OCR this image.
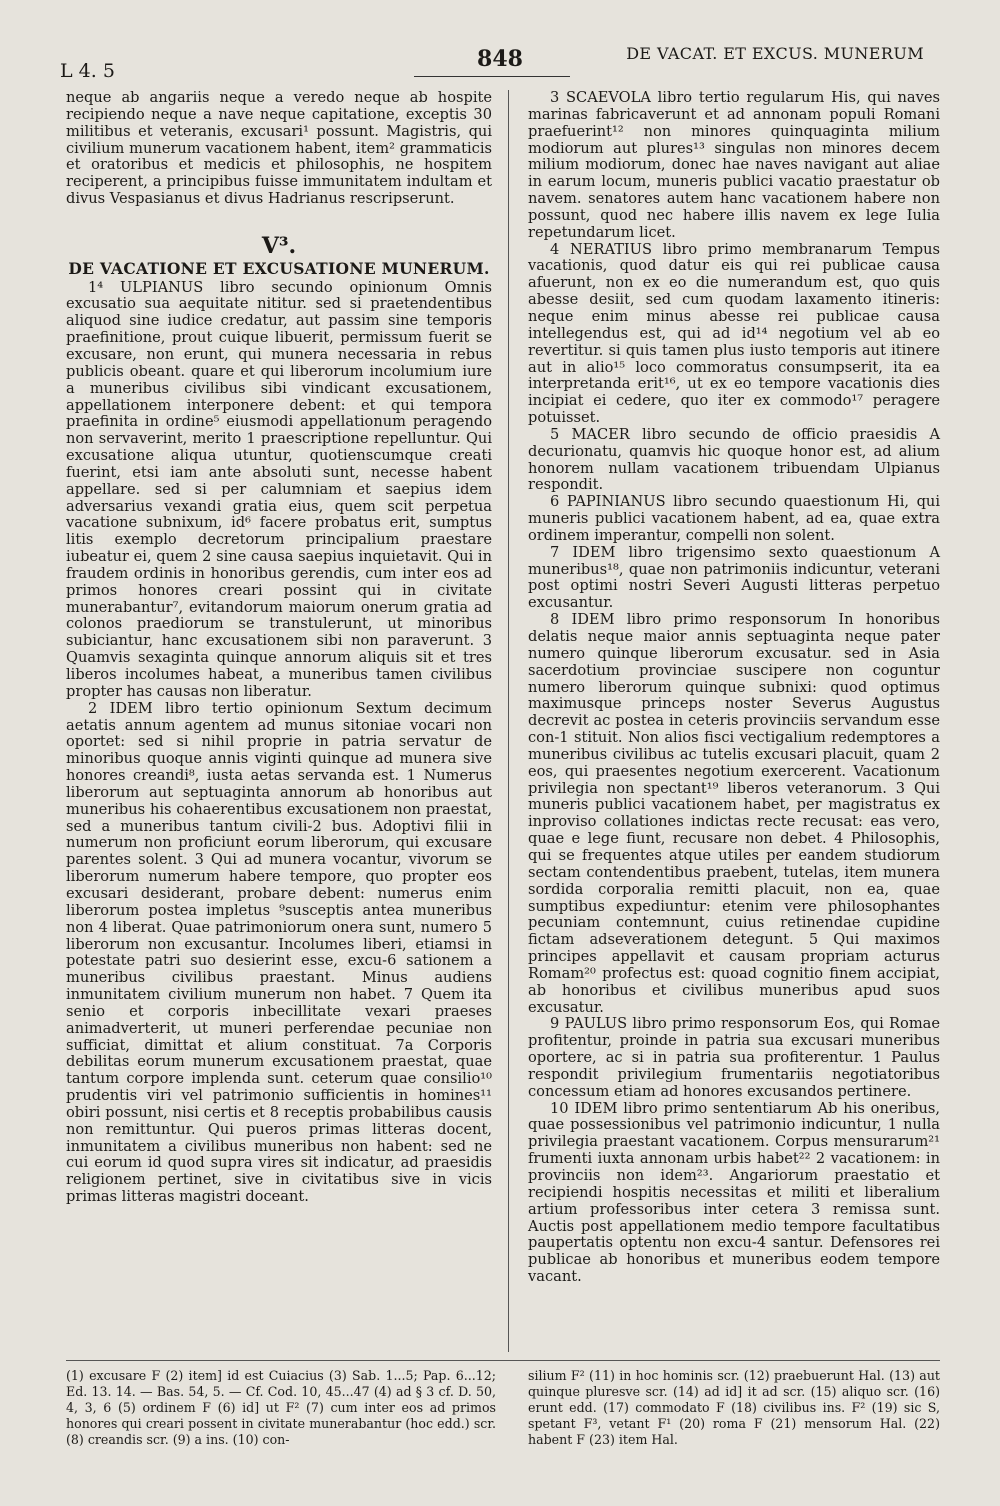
L 4. 5	848	DE VACAT. ET EXCUS. MUNERUM

neque ab angariis neque a veredo neque ab hospite recipiendo neque a nave neque capitatione, exceptis 30 militibus et veteranis, excusari¹ possunt. Magistris, qui civilium munerum vacationem habent, item² grammaticis et oratoribus et medicis et philosophis, ne hospitem reciperent, a principibus fuisse immunitatem indultam et divus Vespasianus et divus Hadrianus rescripserunt.

V³.
DE VACATIONE ET EXCUSATIONE MUNERUM.

1⁴ ULPIANUS libro secundo opinionum Omnis excusatio sua aequitate nititur. sed si praetendentibus aliquod sine iudice credatur, aut passim sine temporis praefinitione, prout cuique libuerit, permissum fuerit se excusare, non erunt, qui munera necessaria in rebus publicis obeant. quare et qui liberorum incolumium iure a muneribus civilibus sibi vindicant excusationem, appellationem interponere debent: et qui tempora praefinita in ordine⁵ eiusmodi appellationum peragendo non servaverint, merito 1 praescriptione repelluntur. Qui excusatione aliqua utuntur, quotienscumque creati fuerint, etsi iam ante absoluti sunt, necesse habent appellare. sed si per calumniam et saepius idem adversarius vexandi gratia eius, quem scit perpetua vacatione subnixum, id⁶ facere probatus erit, sumptus litis exemplo decretorum principalium praestare iubeatur ei, quem 2 sine causa saepius inquietavit. Qui in fraudem ordinis in honoribus gerendis, cum inter eos ad primos honores creari possint qui in civitate munerabantur⁷, evitandorum maiorum onerum gratia ad colonos praediorum se transtulerunt, ut minoribus subiciantur, hanc excusationem sibi non paraverunt. 3 Quamvis sexaginta quinque annorum aliquis sit et tres liberos incolumes habeat, a muneribus tamen civilibus propter has causas non liberatur.

2 IDEM libro tertio opinionum Sextum decimum aetatis annum agentem ad munus sitoniae vocari non oportet: sed si nihil proprie in patria servatur de minoribus quoque annis viginti quinque ad munera sive honores creandi⁸, iusta aetas servanda est. 1 Numerus liberorum aut septuaginta annorum ab honoribus aut muneribus his cohaerentibus excusationem non praestat, sed a muneribus tantum civili-2 bus. Adoptivi filii in numerum non proficiunt eorum liberorum, qui excusare parentes solent. 3 Qui ad munera vocantur, vivorum se liberorum numerum habere tempore, quo propter eos excusari desiderant, probare debent: numerus enim liberorum postea impletus ⁹susceptis antea muneribus non 4 liberat. Quae patrimoniorum onera sunt, numero 5 liberorum non excusantur. Incolumes liberi, etiamsi in potestate patri suo desierint esse, excu-6 sationem a muneribus civilibus praestant. Minus audiens inmunitatem civilium munerum non habet. 7 Quem ita senio et corporis inbecillitate vexari praeses animadverterit, ut muneri perferendae pecuniae non sufficiat, dimittat et alium constituat. 7a Corporis debilitas eorum munerum excusationem praestat, quae tantum corpore implenda sunt. ceterum quae consilio¹⁰ prudentis viri vel patrimonio sufficientis in homines¹¹ obiri possunt, nisi certis et 8 receptis probabilibus causis non remittuntur. Qui pueros primas litteras docent, inmunitatem a civilibus muneribus non habent: sed ne cui eorum id quod supra vires sit indicatur, ad praesidis religionem pertinet, sive in civitatibus sive in vicis primas litteras magistri doceant.

3 SCAEVOLA libro tertio regularum His, qui naves marinas fabricaverunt et ad annonam populi Romani praefuerint¹² non minores quinquaginta milium modiorum aut plures¹³ singulas non minores decem milium modiorum, donec hae naves navigant aut aliae in earum locum, muneris publici vacatio praestatur ob navem. senatores autem hanc vacationem habere non possunt, quod nec habere illis navem ex lege Iulia repetundarum licet.

4 NERATIUS libro primo membranarum Tempus vacationis, quod datur eis qui rei publicae causa afuerunt, non ex eo die numerandum est, quo quis abesse desiit, sed cum quodam laxamento itineris: neque enim minus abesse rei publicae causa intellegendus est, qui ad id¹⁴ negotium vel ab eo revertitur. si quis tamen plus iusto temporis aut itinere aut in alio¹⁵ loco commoratus consumpserit, ita ea interpretanda erit¹⁶, ut ex eo tempore vacationis dies incipiat ei cedere, quo iter ex commodo¹⁷ peragere potuisset.

5 MACER libro secundo de officio praesidis A decurionatu, quamvis hic quoque honor est, ad alium honorem nullam vacationem tribuendam Ulpianus respondit.

6 PAPINIANUS libro secundo quaestionum Hi, qui muneris publici vacationem habent, ad ea, quae extra ordinem imperantur, compelli non solent.

7 IDEM libro trigensimo sexto quaestionum A muneribus¹⁸, quae non patrimoniis indicuntur, veterani post optimi nostri Severi Augusti litteras perpetuo excusantur.

8 IDEM libro primo responsorum In honoribus delatis neque maior annis septuaginta neque pater numero quinque liberorum excusatur. sed in Asia sacerdotium provinciae suscipere non coguntur numero liberorum quinque subnixi: quod optimus maximusque princeps noster Severus Augustus decrevit ac postea in ceteris provinciis servandum esse con-1 stituit. Non alios fisci vectigalium redemptores a muneribus civilibus ac tutelis excusari placuit, quam 2 eos, qui praesentes negotium exercerent. Vacationum privilegia non spectant¹⁹ liberos veteranorum. 3 Qui muneris publici vacationem habet, per magistratus ex inproviso collationes indictas recte recusat: eas vero, quae e lege fiunt, recusare non debet. 4 Philosophis, qui se frequentes atque utiles per eandem studiorum sectam contendentibus praebent, tutelas, item munera sordida corporalia remitti placuit, non ea, quae sumptibus expediuntur: etenim vere philosophantes pecuniam contemnunt, cuius retinendae cupidine fictam adseverationem detegunt. 5 Qui maximos principes appellavit et causam propriam acturus Romam²⁰ profectus est: quoad cognitio finem accipiat, ab honoribus et civilibus muneribus apud suos excusatur.

9 PAULUS libro primo responsorum Eos, qui Romae profitentur, proinde in patria sua excusari muneribus oportere, ac si in patria sua profiterentur. 1 Paulus respondit privilegium frumentariis negotiatoribus concessum etiam ad honores excusandos pertinere.

10 IDEM libro primo sententiarum Ab his oneribus, quae possessionibus vel patrimonio indicuntur, 1 nulla privilegia praestant vacationem. Corpus mensurarum²¹ frumenti iuxta annonam urbis habet²² 2 vacationem: in provinciis non idem²³. Angariorum praestatio et recipiendi hospitis necessitas et militi et liberalium artium professoribus inter cetera 3 remissa sunt. Auctis post appellationem medio tempore facultatibus paupertatis optentu non excu-4 santur. Defensores rei publicae ab honoribus et muneribus eodem tempore vacant.

(1) excusare F (2) item] id est Cuiacius (3) Sab. 1...5; Pap. 6...12; Ed. 13. 14. — Bas. 54, 5. — Cf. Cod. 10, 45...47 (4) ad § 3 cf. D. 50, 4, 3, 6 (5) ordinem F (6) id] ut F² (7) cum inter eos ad primos honores qui creari possent in civitate munerabantur (hoc edd.) scr. (8) creandis scr. (9) a ins. (10) con-

silium F² (11) in hoc hominis scr. (12) praebuerunt Hal. (13) aut quinque pluresve scr. (14) ad id] it ad scr. (15) aliquo scr. (16) erunt edd. (17) commodato F (18) civilibus ins. F² (19) sic S, spetant F³, vetant F¹ (20) roma F (21) mensorum Hal. (22) habent F (23) item Hal.
